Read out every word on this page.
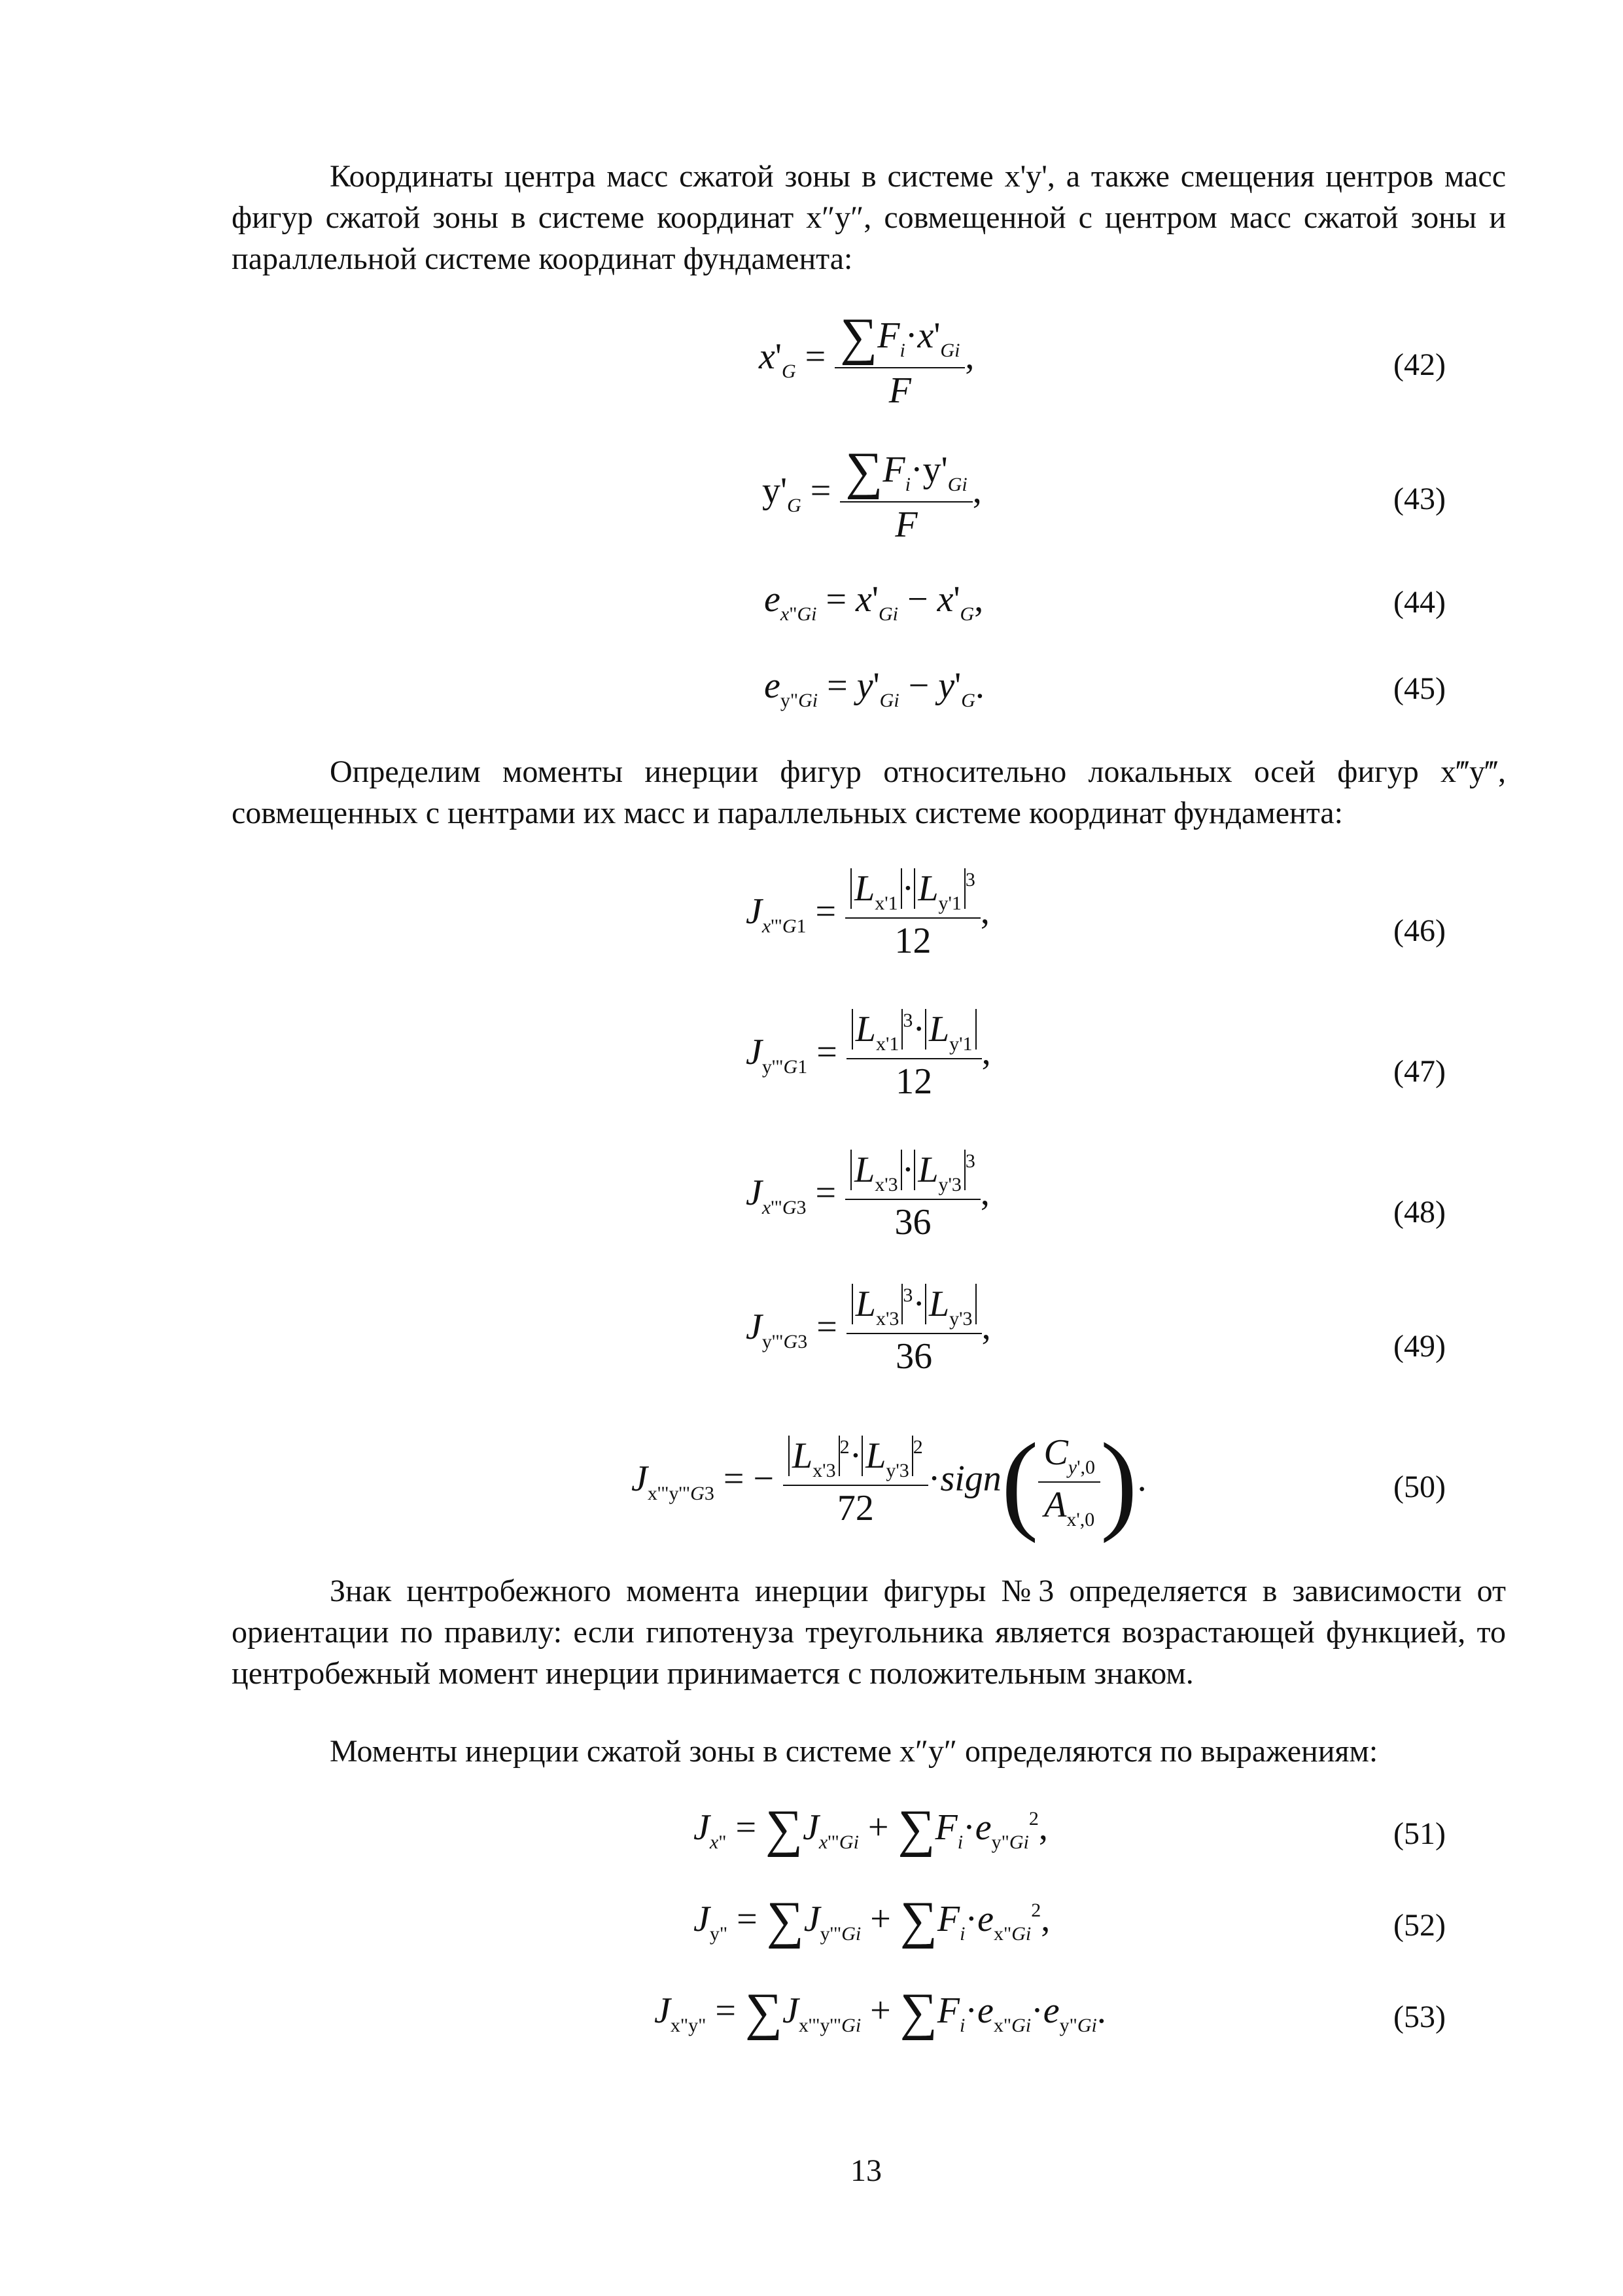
Координаты центра масс сжатой зоны в системе x'y', а также смещения центров масс фигур сжатой зоны в системе координат x″y″, совмещенной с центром масс сжатой зоны и параллельной системе координат фундамента:
$x'_G = \frac{\sum F_i\cdot x'_{Gi}}{F}$ ,	(42)
$y'_G = \frac{\sum F_i\cdot y'_{Gi}}{F}$ ,	(43)
$e_{x"Gi} = x'_{Gi} - x'_G$,	(44)
$e_{y"Gi} = y'_{Gi} - y'_G$.	(45)
Определим моменты инерции фигур относительно локальных осей фигур x‴y‴, совмещенных с центрами их масс и параллельных системе координат фундамента:
$J_{x'"G1} = \frac{L_{x'1} \cdot L_{y'1}^3}{12}$ ,	(46)
$J_{y'"G1} = \frac{L_{x'1}^3\cdot L_{y'1}}{12}$ ,	(47)
$J_{x'"G3} = \frac{L_{x'3} \cdot L_{y'3}^3}{36}$ ,	(48)
$J_{y'"G3} = \frac{L_{x'3}^3\cdot L_{y'3}}{36}$ ,	(49)
$J_{x'"y'"G3}$ = − $\frac{L_{x'3}^2\cdot L_{y'3}^2}{72}$ ·sign( $\frac{C_{y',0}}{A_{x',0}}$ ).	(50)
Знак центробежного момента инерции фигуры №3 определяется в зависимости от ориентации по правилу: если гипотенуза треугольника является возрастающей функцией, то центробежный момент инерции принимается с положительным знаком.
Моменты инерции сжатой зоны в системе x″y″ определяются по выражениям:
$J_{x"} = \sum J_{x'"Gi} + \sum F_i\cdot e_{y"Gi}^2$,	(51)
$J_{y"} = \sum J_{y'"Gi} + \sum F_i\cdot e_{x"Gi}^2$,	(52)
$J_{x"y"} = \sum J_{x'"y'"Gi} + \sum F_i\cdot e_{x"Gi}\cdot e_{y"Gi}$.	(53)
13
